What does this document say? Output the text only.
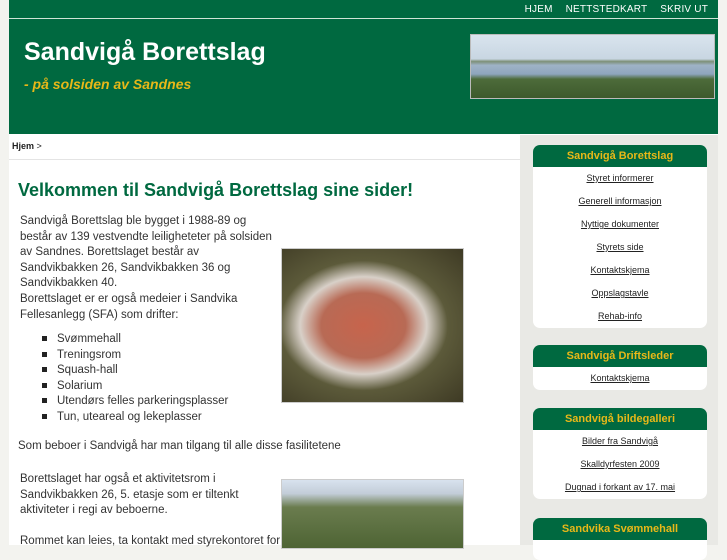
HJEM NETTSTEDKART SKRIV UT
Sandvigå Borettslag
- på solsiden av Sandnes
Hjem >
Velkommen til Sandvigå Borettslag sine sider!
Sandvigå Borettslag ble bygget i 1988-89 og består av 139 vestvendte leiligheteter på solsiden av Sandnes. Borettslaget består av Sandvikbakken 26, Sandvikbakken 36 og Sandvikbakken 40.
Borettslaget er er også medeier i Sandvika Fellesanlegg (SFA) som drifter:
Svømmehall
Treningsrom
Squash-hall
Solarium
Utendørs felles parkeringsplasser
Tun, uteareal og lekeplasser
Som beboer i Sandvigå har man tilgang til alle disse fasilitetene
Borettslaget har også et aktivitetsrom i Sandvikbakken 26, 5. etasje som er tiltenkt aktiviteter i regi av beboerne.
Rommet kan leies, ta kontakt med styrekontoret for
Sandvigå Borettslag
Styret informerer
Generell informasjon
Nyttige dokumenter
Styrets side
Kontaktskjema
Oppslagstavle
Rehab-info
Sandvigå Driftsleder
Kontaktskjema
Sandvigå bildegalleri
Bilder fra Sandvigå
Skalldyrfesten 2009
Dugnad i forkant av 17. mai
Sandvika Svømmehall
